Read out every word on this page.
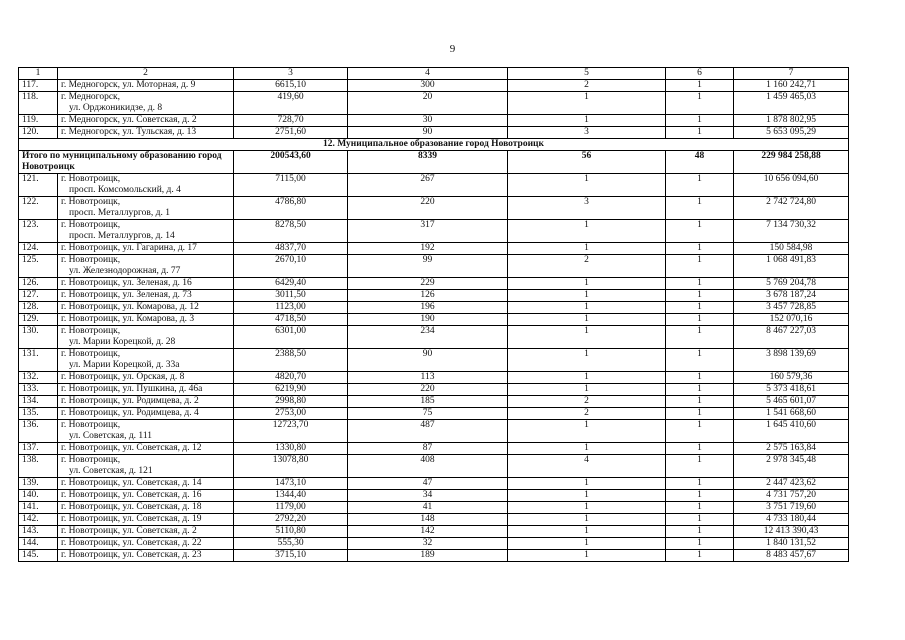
9
1	2	3	4	5	6	7
117.	г. Медногорск, ул. Моторная, д. 9	6615,10	300	2	1	1 160 242,71
118.	г. Медногорск,
ул. Орджоникидзе, д. 8	419,60	20	1	1	1 459 465,03
119.	г. Медногорск, ул. Советская, д. 2	728,70	30	1	1	1 878 802,95
120.	г. Медногорск, ул. Тульская, д. 13	2751,60	90	3	1	5 653 095,29
12. Муниципальное образование город Новотроицк						
Итого по муниципальному образованию город Новотроицк		200543,60	8339	56	48	229 984 258,88
121.	г. Новотроицк,
просп. Комсомольский, д. 4	7115,00	267	1	1	10 656 094,60
122.	г. Новотроицк,
просп. Металлургов, д. 1	4786,80	220	3	1	2 742 724,80
123.	г. Новотроицк,
просп. Металлургов, д. 14	8278,50	317	1	1	7 134 730,32
124.	г. Новотроицк, ул. Гагарина, д. 17	4837,70	192	1	1	150 584,98
125.	г. Новотроицк,
ул. Железнодорожная, д. 77	2670,10	99	2	1	1 068 491,83
126.	г. Новотроицк, ул. Зеленая, д. 16	6429,40	229	1	1	5 769 204,78
127.	г. Новотроицк, ул. Зеленая, д. 73	3011,50	126	1	1	3 678 187,24
128.	г. Новотроицк, ул. Комарова, д. 12	1123,00	196	1	1	3 457 728,85
129.	г. Новотроицк, ул. Комарова, д. 3	4718,50	190	1	1	152 070,16
130.	г. Новотроицк,
ул. Марии Корецкой, д. 28	6301,00	234	1	1	8 467 227,03
131.	г. Новотроицк,
ул. Марии Корецкой, д. 33а	2388,50	90	1	1	3 898 139,69
132.	г. Новотроицк, ул. Орская, д. 8	4820,70	113	1	1	160 579,36
133.	г. Новотроицк, ул. Пушкина, д. 46а	6219,90	220	1	1	5 373 418,61
134.	г. Новотроицк, ул. Родимцева, д. 2	2998,80	185	2	1	5 465 601,07
135.	г. Новотроицк, ул. Родимцева, д. 4	2753,00	75	2	1	1 541 668,60
136.	г. Новотроицк,
ул. Советская, д. 111	12723,70	487	1	1	1 645 410,60
137.	г. Новотроицк, ул. Советская, д. 12	1330,80	87	1	1	2 575 163,84
138.	г. Новотроицк,
ул. Советская, д. 121	13078,80	408	4	1	2 978 345,48
139.	г. Новотроицк, ул. Советская, д. 14	1473,10	47	1	1	2 447 423,62
140.	г. Новотроицк, ул. Советская, д. 16	1344,40	34	1	1	4 731 757,20
141.	г. Новотроицк, ул. Советская, д. 18	1179,00	41	1	1	3 751 719,60
142.	г. Новотроицк, ул. Советская, д. 19	2792,20	148	1	1	4 733 180,44
143.	г. Новотроицк, ул. Советская, д. 2	5110,80	142	1	1	12 413 390,43
144.	г. Новотроицк, ул. Советская, д. 22	555,30	32	1	1	1 840 131,52
145.	г. Новотроицк, ул. Советская, д. 23	3715,10	189	1	1	8 483 457,67
